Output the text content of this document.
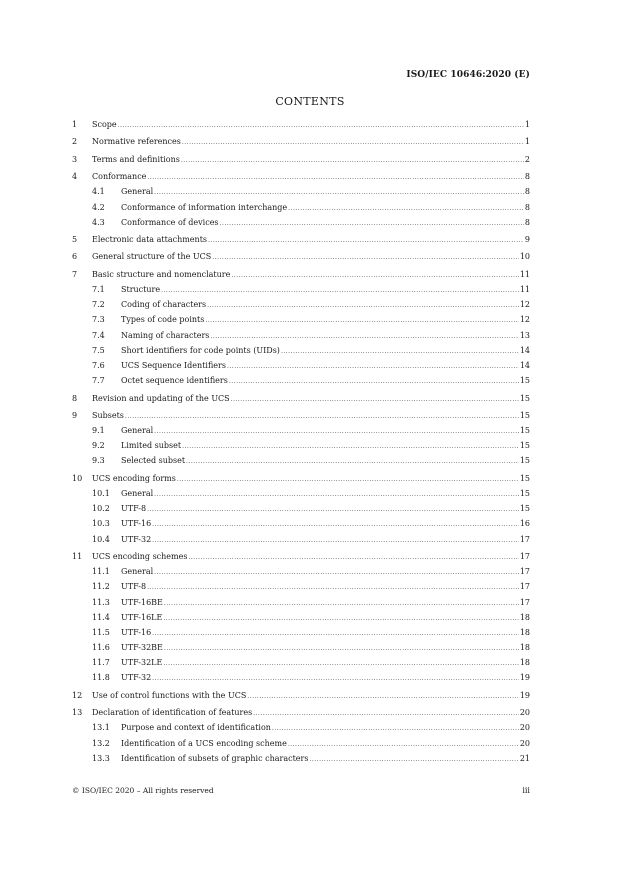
ISO/IEC 10646:2020 (E)
CONTENTS
1	Scope .....	1
2	Normative references .....	1
3	Terms and definitions .....	2
4	Conformance .....	8
4.1	General .....	8
4.2	Conformance of information interchange .....	8
4.3	Conformance of devices .....	8
5	Electronic data attachments .....	9
6	General structure of the UCS .....	10
7	Basic structure and nomenclature .....	11
7.1	Structure .....	11
7.2	Coding of characters .....	12
7.3	Types of code points .....	12
7.4	Naming of characters .....	13
7.5	Short identifiers for code points (UIDs) .....	14
7.6	UCS Sequence Identifiers .....	14
7.7	Octet sequence identifiers .....	15
8	Revision and updating of the UCS .....	15
9	Subsets .....	15
9.1	General .....	15
9.2	Limited subset .....	15
9.3	Selected subset .....	15
10	UCS encoding forms .....	15
10.1	General .....	15
10.2	UTF-8 .....	15
10.3	UTF-16 .....	16
10.4	UTF-32 .....	17
11	UCS encoding schemes .....	17
11.1	General .....	17
11.2	UTF-8 .....	17
11.3	UTF-16BE .....	17
11.4	UTF-16LE .....	18
11.5	UTF-16 .....	18
11.6	UTF-32BE .....	18
11.7	UTF-32LE .....	18
11.8	UTF-32 .....	19
12	Use of control functions with the UCS .....	19
13	Declaration of identification of features .....	20
13.1	Purpose and context of identification .....	20
13.2	Identification of a UCS encoding scheme .....	20
13.3	Identification of subsets of graphic characters .....	21
© ISO/IEC 2020 – All rights reserved	iii
